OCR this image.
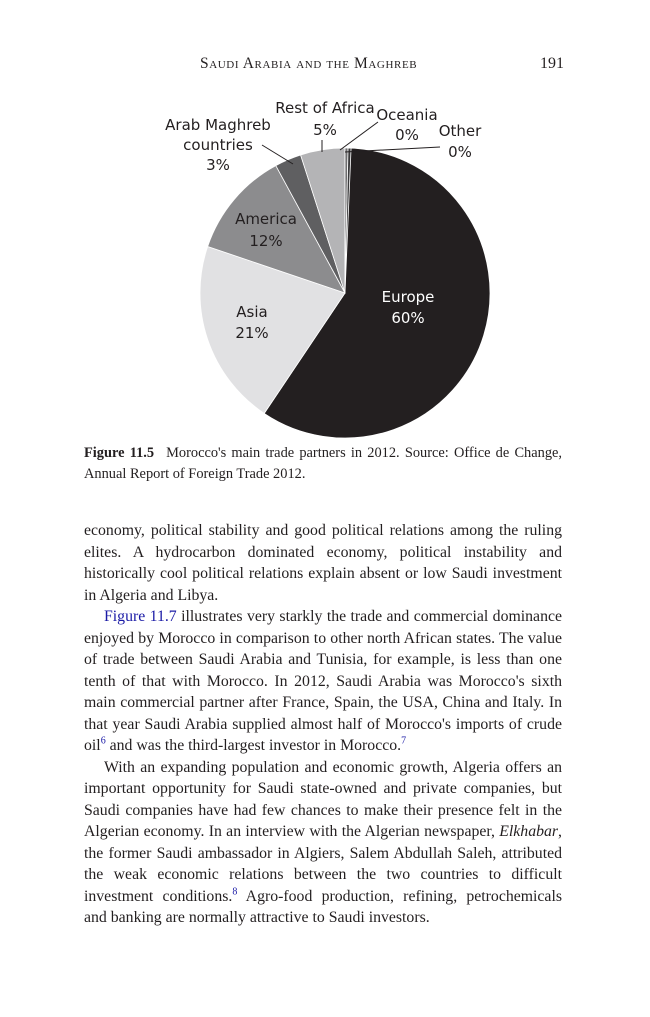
Saudi Arabia and the Maghreb	191
Europe
60%
Asia
21%
America
12%
Arab Maghreb
countries
3%
Rest of Africa
5%
Oceania
0% Other
0%
Figure 11.5 Morocco's main trade partners in 2012. Source: Office de Change, Annual Report of Foreign Trade 2012.

economy, political stability and good political relations among the ruling elites. A hydrocarbon dominated economy, political instability and historically cool political relations explain absent or low Saudi investment in Algeria and Libya.

Figure 11.7 illustrates very starkly the trade and commercial dominance enjoyed by Morocco in comparison to other north African states. The value of trade between Saudi Arabia and Tunisia, for example, is less than one tenth of that with Morocco. In 2012, Saudi Arabia was Morocco's sixth main commercial partner after France, Spain, the USA, China and Italy. In that year Saudi Arabia supplied almost half of Morocco's imports of crude oil$^6$ and was the third-largest investor in Morocco.$^7$

With an expanding population and economic growth, Algeria offers an important opportunity for Saudi state-owned and private companies, but Saudi companies have had few chances to make their presence felt in the Algerian economy. In an interview with the Algerian newspaper, Elkhabar, the former Saudi ambassador in Algiers, Salem Abdullah Saleh, attributed the weak economic relations between the two countries to difficult investment conditions.$^8$ Agro-food production, refining, petrochemicals and banking are normally attractive to Saudi investors.
